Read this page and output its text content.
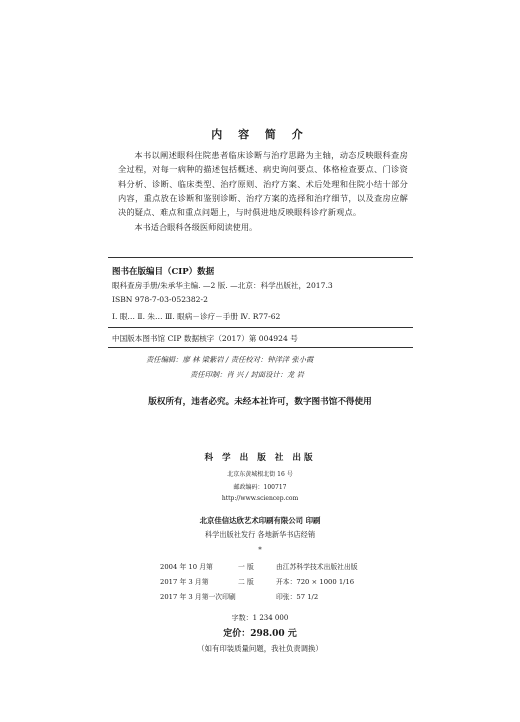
内 容 简 介
本书以阐述眼科住院患者临床诊断与治疗思路为主轴，动态反映眼科查房全过程，对每一病种的描述包括概述、病史询问要点、体格检查要点、门诊资料分析、诊断、临床类型、治疗原则、治疗方案、术后处理和住院小结十部分内容，重点放在诊断和鉴别诊断、治疗方案的选择和治疗细节，以及查房应解决的疑点、难点和重点问题上，与时俱进地反映眼科诊疗新观点。
本书适合眼科各级医师阅读使用。
图书在版编目（CIP）数据
眼科查房手册/朱承华主编. —2 版. —北京：科学出版社，2017.3
ISBN 978-7-03-052382-2
Ⅰ. 眼… Ⅱ. 朱… Ⅲ. 眼病－诊疗－手册 Ⅳ. R77-62
中国版本图书馆 CIP 数据核字（2017）第 004924 号
责任编辑：廖 林 梁紫岩 / 责任校对：钟洋洋 张小霞
责任印制：肖 兴 / 封面设计：龙 岩
版权所有，违者必究。未经本社许可，数字图书馆不得使用
科 学 出 版 社 出版
北京东黄城根北街 16 号
邮政编码：100717
http://www.sciencep.com
北京佳信达欣艺术印刷有限公司 印刷
科学出版社发行 各地新华书店经销
*
2004 年 10 月第	一 版	由江苏科学技术出版社出版
2017 年 3 月第	二 版	开本：720 × 1000 1/16
2017 年 3 月第一次印刷	印张：57 1/2
字数：1 234 000
定价：298.00 元
（如有印装质量问题，我社负责调换）
